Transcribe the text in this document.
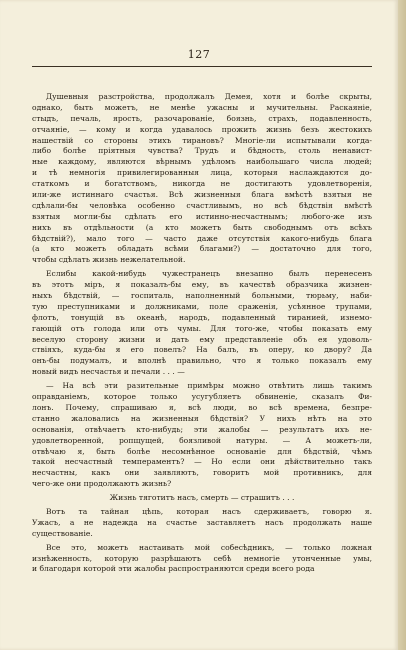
127
Душевныя разстройства, продолжалъ Демея, хотя и болѣе скрыты,
однако, быть можетъ, не менѣе ужасны и мучительны. Раскаяніе,
стыдъ, печаль, ярость, разочарованіе, боязнь, страхъ, подавленность,
отчаяніе, — кому и когда удавалось прожить жизнь безъ жестокихъ
нашествій со стороны этихъ тирановъ? Многіе-ли испытывали когда-
либо болѣе пріятныя чувства? Трудъ и бѣдность, столь ненавист-
ные каждому, являются вѣрнымъ удѣломъ наибольшаго числа людей;
и тѣ немногія привилегированныя лица, которыя наслаждаются до-
статкомъ и богатствомъ, никогда не достигаютъ удовлетворенія,
или-же истиннаго счастья. Всѣ жизненныя блага вмѣстѣ взятыя не
сдѣлали-бы человѣка особенно счастливымъ, но всѣ бѣдствія вмѣстѣ
взятыя могли-бы сдѣлать его истинно-несчастнымъ; любого-же изъ
нихъ въ отдѣльности (а кто можетъ быть свободнымъ отъ всѣхъ
бѣдствій?), мало того — часто даже отсутствія какого-нибудь блага
(а кто можетъ обладать всѣми благами?) — достаточно для того,
чтобы сдѣлать жизнь нежелательной.
Еслибы какой-нибудь чужестранецъ внезапно былъ перенесенъ
въ этотъ міръ, я показалъ-бы ему, въ качествѣ образчика жизнен-
ныхъ бѣдствій, — госпиталь, наполненный больными, тюрьму, наби-
тую преступниками и должниками, поле сраженія, усѣянное трупами,
флотъ, тонущій въ океанѣ, народъ, подавленный тиранией, изнемо-
гающій отъ голода или отъ чумы. Для того-же, чтобы показать ему
веселую сторону жизни и дать ему представленіе объ ея удоволь-
ствіяхъ, куда-бы я его повелъ? На балъ, въ оперу, ко двору? Да
онъ-бы подумалъ, и вполнѣ правильно, что я только показалъ ему
новый видъ несчастья и печали . . . —
— На всѣ эти разительные примѣры можно отвѣтить лишь такимъ
оправданіемъ, которое только усугубляетъ обвиненіе, сказалъ Фи-
лонъ. Почему, спрашиваю я, всѣ люди, во всѣ времена, безпре-
станно жаловались на жизненныя бѣдствія? У нихъ нѣтъ на это
основанія, отвѣчаетъ кто-нибудь; эти жалобы — результатъ ихъ не-
удовлетворенной, ропщущей, боязливой натуры. — А можетъ-ли,
отвѣчаю я, быть болѣе несомнѣнное основаніе для бѣдствій, чѣмъ
такой несчастный темпераментъ? — Но если они дѣйствительно такъ
несчастны, какъ они заявляютъ, говоритъ мой противникъ, для
чего-же они продолжаютъ жизнь?
Жизнь тяготитъ насъ, смерть — страшитъ . . .
Вотъ та тайная цѣпь, которая насъ сдерживаетъ, говорю я.
Ужасъ, а не надежда на счастье заставляетъ насъ продолжать наше
существованіе.
Все это, можетъ настаивать мой собесѣдникъ, — только ложная
изнѣженность, которую разрѣшаютъ себѣ немногіе утонченные умы,
и благодаря которой эти жалобы распространяются среди всего рода
